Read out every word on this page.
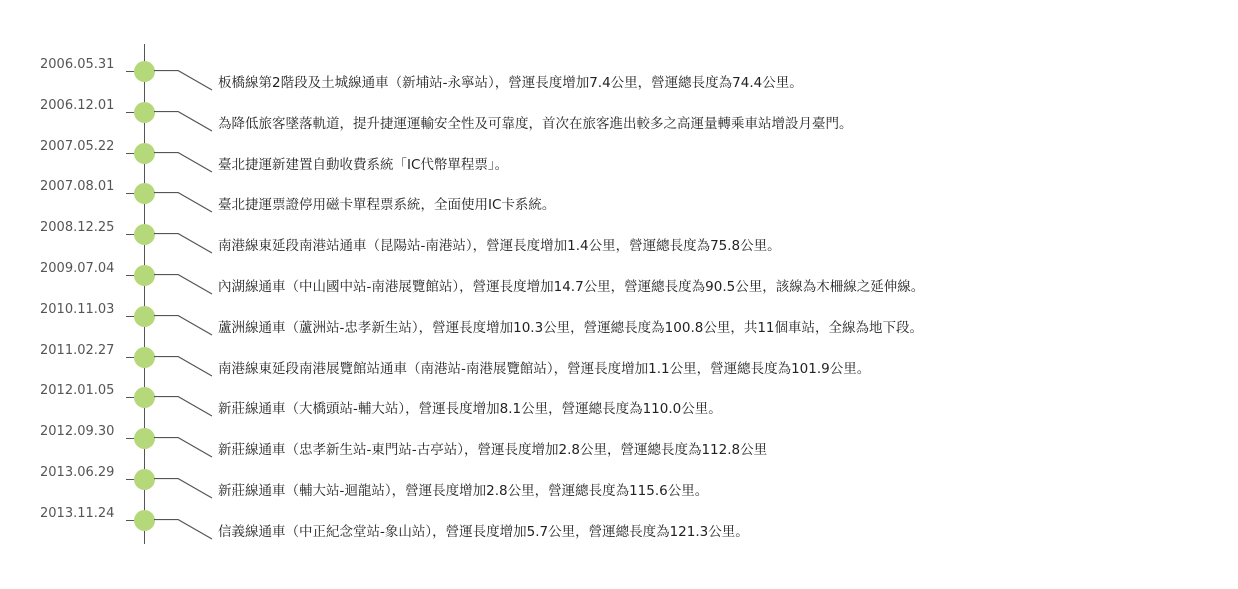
2006.05.31
板橋線第2階段及土城線通車（新埔站-永寧站），營運長度增加7.4公里，營運總長度為74.4公里。
2006.12.01
為降低旅客墜落軌道，提升捷運運輸安全性及可靠度，首次在旅客進出較多之高運量轉乘車站增設月臺門。
2007.05.22
臺北捷運新建置自動收費系統「IC代幣單程票」。
2007.08.01
臺北捷運票證停用磁卡單程票系統，全面使用IC卡系統。
2008.12.25
南港線東延段南港站通車（昆陽站-南港站），營運長度增加1.4公里，營運總長度為75.8公里。
2009.07.04
內湖線通車（中山國中站-南港展覽館站），營運長度增加14.7公里，營運總長度為90.5公里，該線為木柵線之延伸線。
2010.11.03
蘆洲線通車（蘆洲站-忠孝新生站），營運長度增加10.3公里，營運總長度為100.8公里，共11個車站，全線為地下段。
2011.02.27
南港線東延段南港展覽館站通車（南港站-南港展覽館站），營運長度增加1.1公里，營運總長度為101.9公里。
2012.01.05
新莊線通車（大橋頭站-輔大站），營運長度增加8.1公里，營運總長度為110.0公里。
2012.09.30
新莊線通車（忠孝新生站-東門站-古亭站），營運長度增加2.8公里，營運總長度為112.8公里
2013.06.29
新莊線通車（輔大站-迴龍站），營運長度增加2.8公里，營運總長度為115.6公里。
2013.11.24
信義線通車（中正紀念堂站-象山站），營運長度增加5.7公里，營運總長度為121.3公里。
